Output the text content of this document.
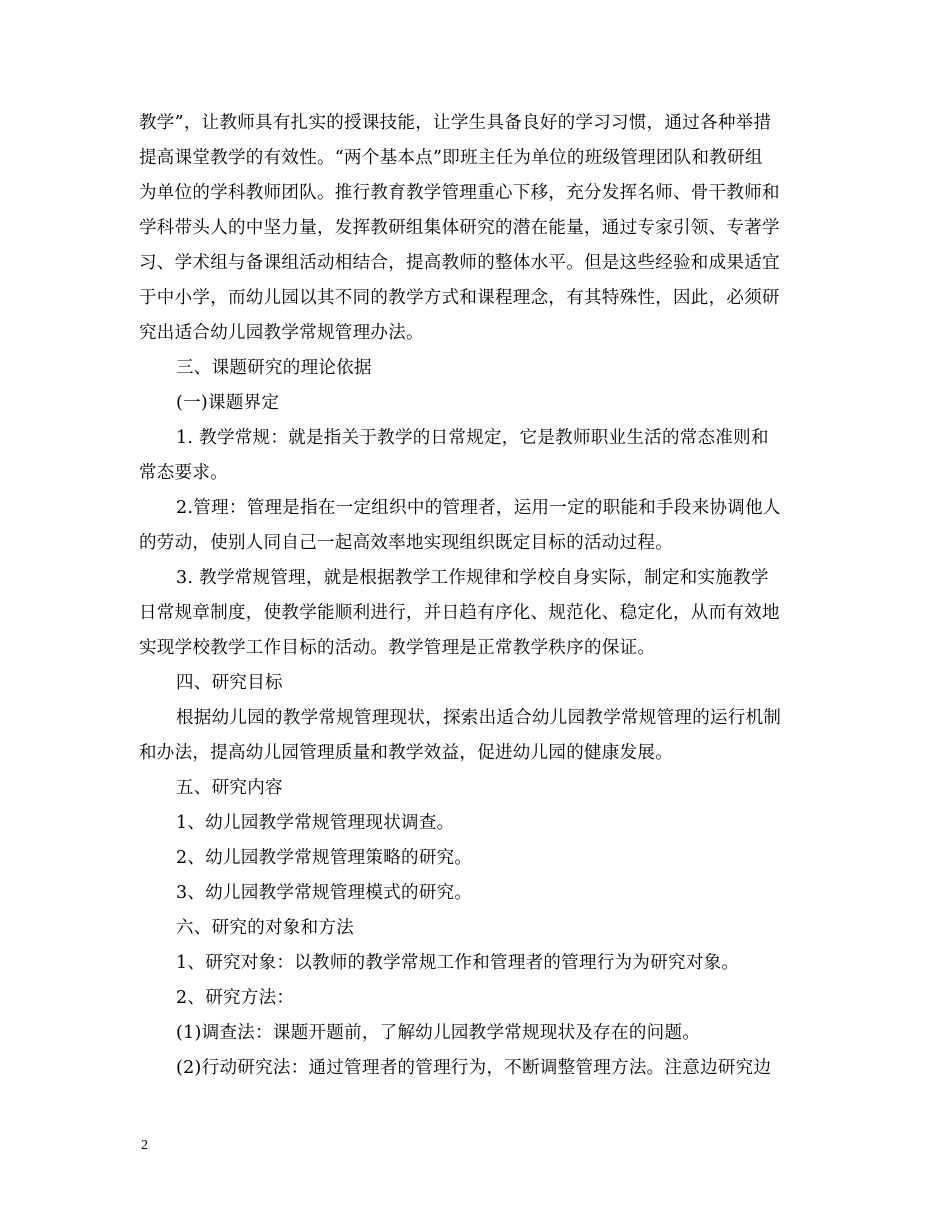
教学”，让教师具有扎实的授课技能，让学生具备良好的学习习惯，通过各种举措
提高课堂教学的有效性。“两个基本点”即班主任为单位的班级管理团队和教研组
为单位的学科教师团队。推行教育教学管理重心下移，充分发挥名师、骨干教师和
学科带头人的中坚力量，发挥教研组集体研究的潜在能量，通过专家引领、专著学
习、学术组与备课组活动相结合，提高教师的整体水平。但是这些经验和成果适宜
于中小学，而幼儿园以其不同的教学方式和课程理念，有其特殊性，因此，必须研
究出适合幼儿园教学常规管理办法。
三、课题研究的理论依据
(一)课题界定
1. 教学常规：就是指关于教学的日常规定，它是教师职业生活的常态准则和
常态要求。
2.管理：管理是指在一定组织中的管理者，运用一定的职能和手段来协调他人
的劳动，使别人同自己一起高效率地实现组织既定目标的活动过程。
3. 教学常规管理，就是根据教学工作规律和学校自身实际，制定和实施教学
日常规章制度，使教学能顺利进行，并日趋有序化、规范化、稳定化，从而有效地
实现学校教学工作目标的活动。教学管理是正常教学秩序的保证。
四、研究目标
根据幼儿园的教学常规管理现状，探索出适合幼儿园教学常规管理的运行机制
和办法，提高幼儿园管理质量和教学效益，促进幼儿园的健康发展。
五、研究内容
1、幼儿园教学常规管理现状调查。
2、幼儿园教学常规管理策略的研究。
3、幼儿园教学常规管理模式的研究。
六、研究的对象和方法
1、研究对象：以教师的教学常规工作和管理者的管理行为为研究对象。
2、研究方法：
(1)调查法：课题开题前，了解幼儿园教学常规现状及存在的问题。
(2)行动研究法：通过管理者的管理行为，不断调整管理方法。注意边研究边
2
